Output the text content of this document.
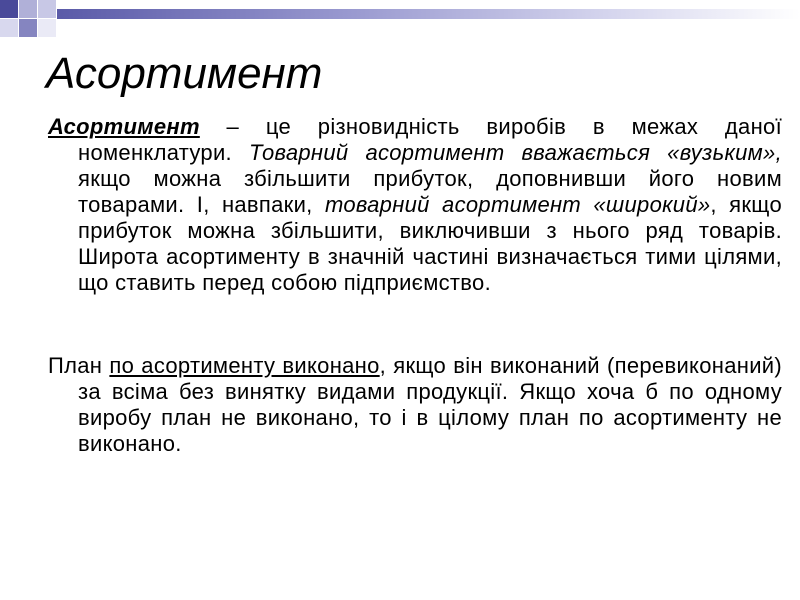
Асортимент

Асортимент – це різновидність виробів в межах даної номенклатури. Товарний асортимент вважається «вузьким», якщо можна збільшити прибуток, доповнивши його новим товарами. І, навпаки, товарний асортимент «широкий», якщо прибуток можна збільшити, виключивши з нього ряд товарів. Широта асортименту в значній частині визначається тими цілями, що ставить перед собою підприємство.

План по асортименту виконано, якщо він виконаний (перевиконаний) за всіма без винятку видами продукції. Якщо хоча б по одному виробу план не виконано, то і в цілому план по асортименту не виконано.
